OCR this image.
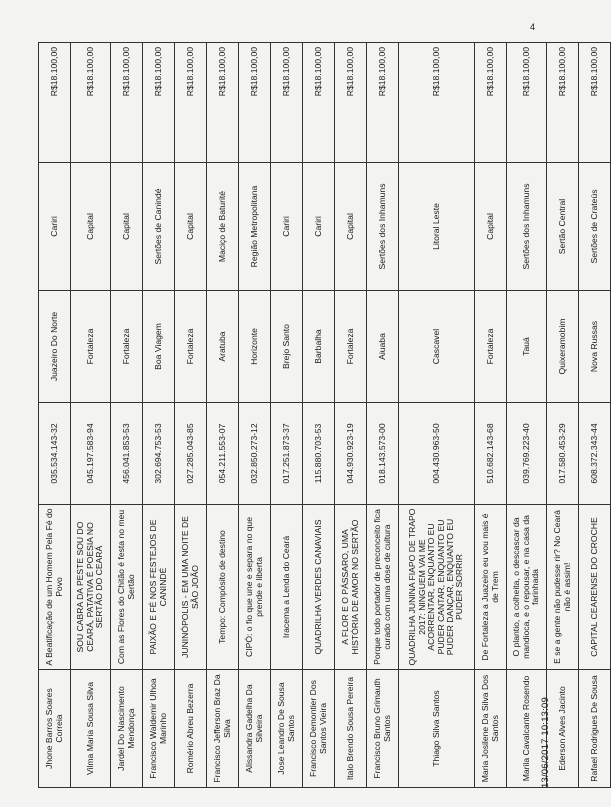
4
Jhone Barros Soares Correia	A Beatificação de um Homem Pela Fé do Povo	035.534.143-32	Juazeiro Do Norte	Cariri	R$18.100,00
Vilma Maria Sousa Silva	SOU CABRA DA PESTE SOU DO CEARÁ, PATATIVA É POESIA NO SERTÃO DO CEARÁ	045.197.583-94	Fortaleza	Capital	R$18.100,00
Jardel Do Nascimento Mendonça	Com as Flores do Chitão é festa no meu Sertão	456.041.853-53	Fortaleza	Capital	R$18.100,00
Francisco Waldemir Ulhoa Marinho	PAIXÃO E FÉ NOS FESTEJOS DE CANINDÉ	302.694.753-53	Boa Viagem	Sertões de Canindé	R$18.100,00
Romério Abreu Bezerra	JUNINÓPOLIS - EM UMA NOITE DE SÃO JOÃO	027.285.043-85	Fortaleza	Capital	R$18.100,00
Francisco Jefferson Braz Da Silva	Tempo: Compósito de destino	054.211.553-07	Aratuba	Maciço de Baturité	R$18.100,00
Alissandra Gadelha Da Silveira	CIPÓ: o fio que une e separa no que prende e liberta	032.850.273-12	Horizonte	Região Metropolitana	R$18.100,00
Jose Leandro De Sousa Santos	Iracema a Lenda do Ceará	017.251.873-37	Brejo Santo	Cariri	R$18.100,00
Francisco Demontier Dos Santos Vieira	QUADRILHA VERDES CANAVIAIS	115.880.703-53	Barbalha	Cariri	R$18.100,00
Italo Brendo Sousa Pereira	A FLOR E O PÁSSARO, UMA HISTÓRIA DE AMOR NO SERTÃO	044.930.923-19	Fortaleza	Capital	R$18.100,00
Francisco Bruno Grimauth Santos	Porque todo portador de preconceito fica curado com uma dose de cultura	018.143.573-00	Aiuaba	Sertões dos Inhamuns	R$18.100,00
Thiago Silva Santos	QUADRILHA JUNINA FIAPO DE TRAPO 2017: NINGUEM VAI ME ACORRENTAR, ENQUANTO EU PUDER CANTAR, ENQUANTO EU PUDER DANÇAR, ENQUANTO EU PUDER SORRIR	004.430.963-50	Cascavel	Litoral Leste	R$18.100,00
Maria Josilene Da Silva Dos Santos	De Fortaleza a Juazeiro eu vou mais é de Trem	510.682.143-68	Fortaleza	Capital	R$18.100,00
Marila Cavalcante Rosendo	O plantio, a colheita, o descascar da mandioca, e o repousar, e na casa da farinhada	039.769.223-40	Tauá	Sertões dos Inhamuns	R$18.100,00
Ederson Alves Jacinto	E se a gente não pudesse rir? No Ceará não é assim!	017.580.453-29	Quixeramobim	Sertão Central	R$18.100,00
Rafael Rodrigues De Sousa	CAPITAL CEARENSE DO CROCHE	608.372.343-44	Nova Russas	Sertões de Crateús	R$18.100,00
13/06/2017 10:13:09
